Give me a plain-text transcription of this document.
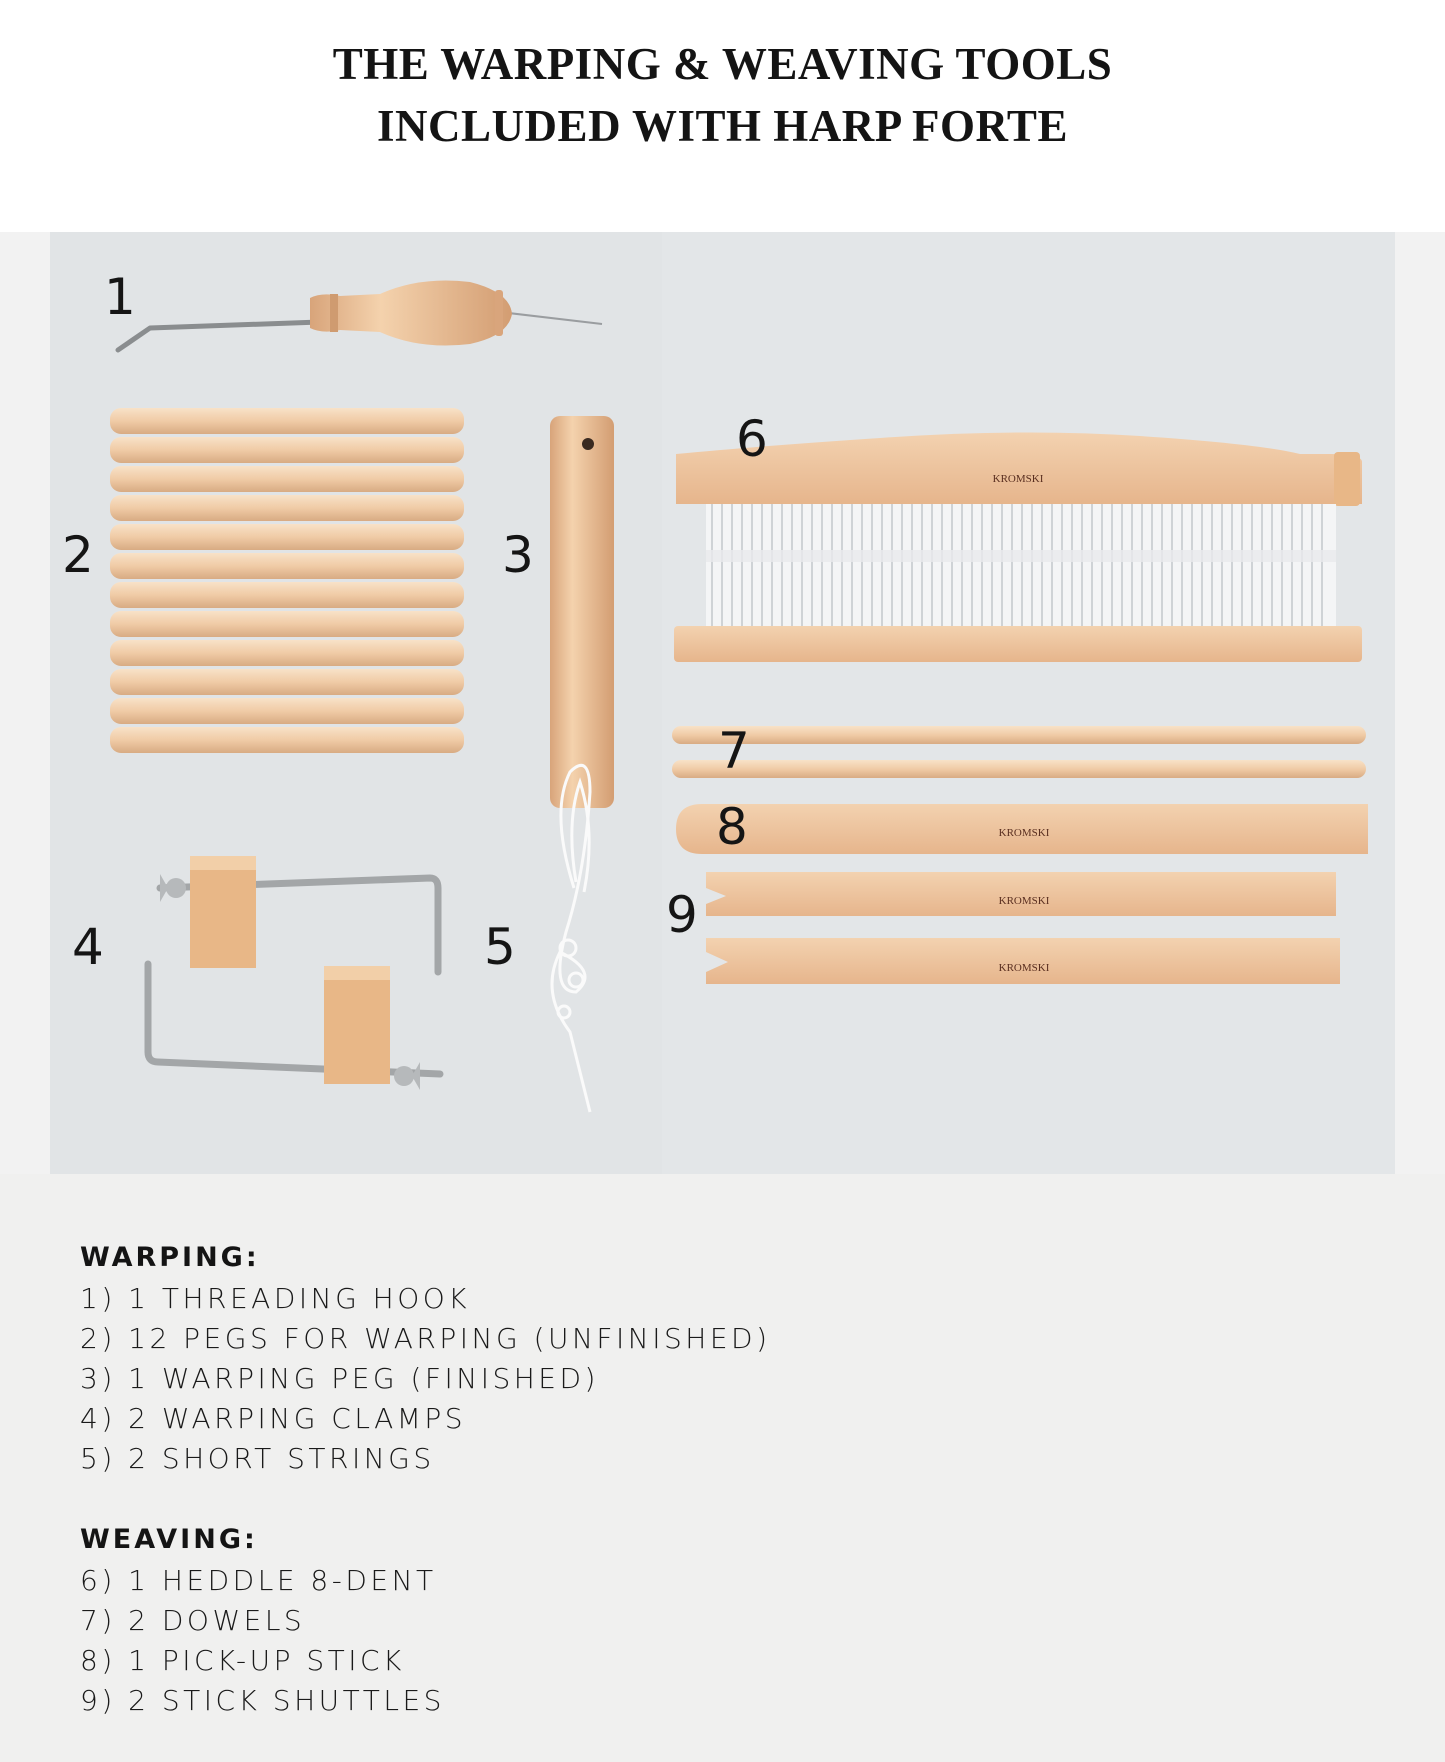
THE WARPING & WEAVING TOOLS
INCLUDED WITH HARP FORTE
KROMSKI
KROMSKI
KROMSKI
KROMSKI
1
2	3
4	5
6
7
8
9
WARPING:
1) 1 THREADING HOOK
2) 12 PEGS FOR WARPING (UNFINISHED)
3) 1 WARPING PEG (FINISHED)
4) 2 WARPING CLAMPS
5) 2 SHORT STRINGS
WEAVING:
6) 1 HEDDLE 8-DENT
7) 2 DOWELS
8) 1 PICK-UP STICK
9) 2 STICK SHUTTLES
